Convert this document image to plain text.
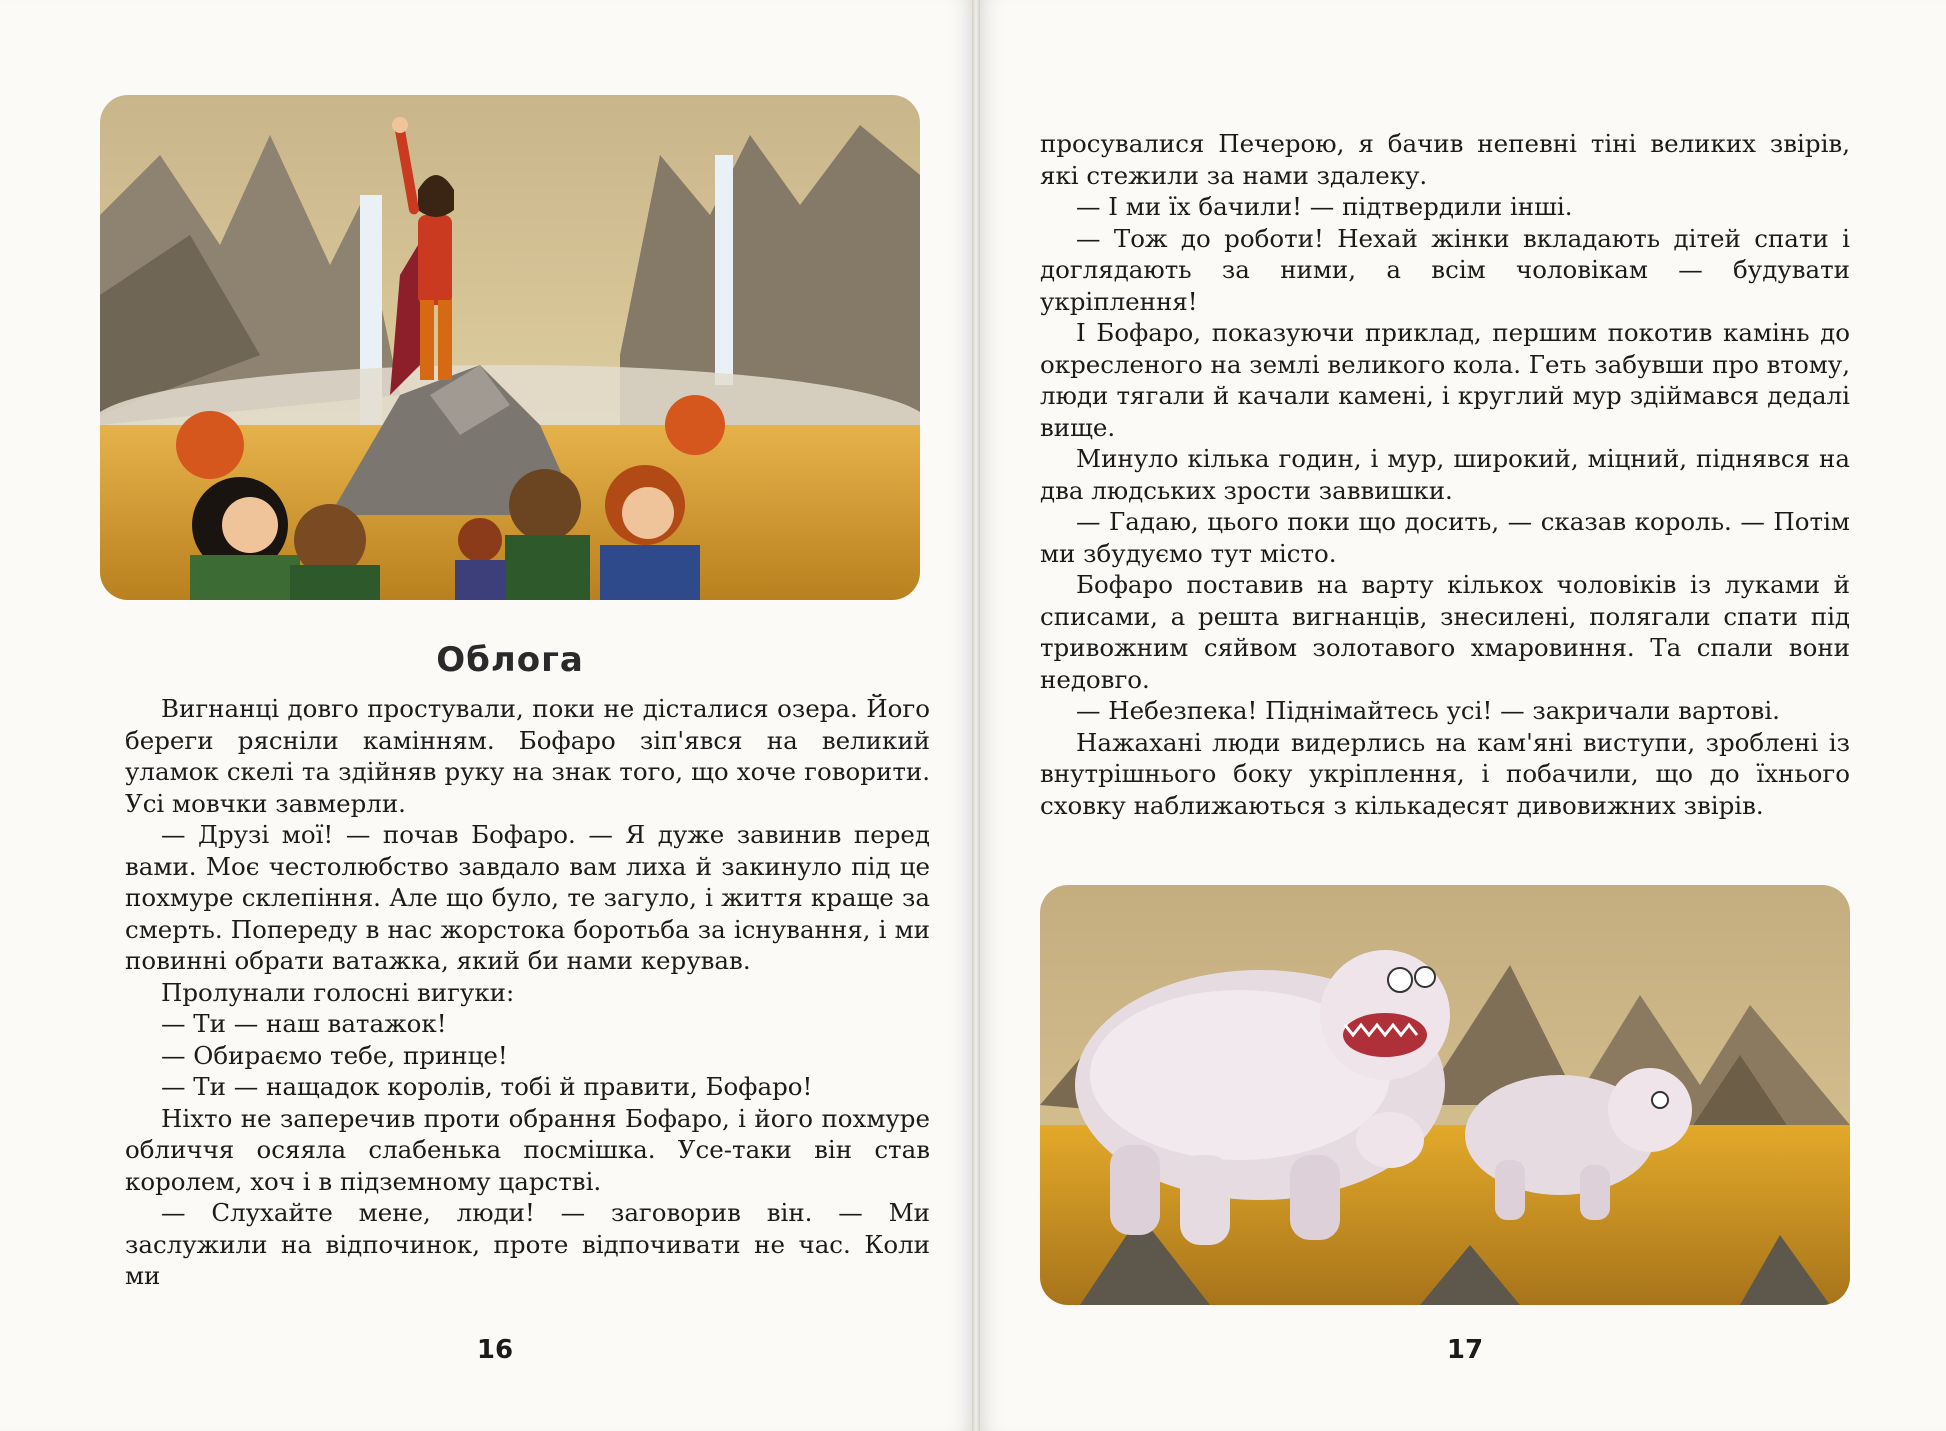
Облога

Вигнанці довго простували, поки не дісталися озера. Його береги рясніли камінням. Бофаро зіп'явся на великий уламок скелі та здійняв руку на знак того, що хоче говорити. Усі мовчки завмерли.

— Друзі мої! — почав Бофаро. — Я дуже завинив перед вами. Моє честолюбство завдало вам лиха й закинуло під це похмуре склепіння. Але що було, те загуло, і життя краще за смерть. Попереду в нас жорстока боротьба за існування, і ми повинні обрати ватажка, який би нами керував.

Пролунали голосні вигуки:

— Ти — наш ватажок!

— Обираємо тебе, принце!

— Ти — нащадок королів, тобі й правити, Бофаро!

Ніхто не заперечив проти обрання Бофаро, і його похмуре обличчя осяяла слабенька посмішка. Усе-таки він став королем, хоч і в підземному царстві.

— Слухайте мене, люди! — заговорив він. — Ми заслужили на відпочинок, проте відпочивати не час. Коли ми

16

просувалися Печерою, я бачив непевні тіні великих звірів, які стежили за нами здалеку.

— І ми їх бачили! — підтвердили інші.

— Тож до роботи! Нехай жінки вкладають дітей спати і доглядають за ними, а всім чоловікам — будувати укріплення!

І Бофаро, показуючи приклад, першим покотив камінь до окресленого на землі великого кола. Геть забувши про втому, люди тягали й качали камені, і круглий мур здіймався дедалі вище.

Минуло кілька годин, і мур, широкий, міцний, піднявся на два людських зрости заввишки.

— Гадаю, цього поки що досить, — сказав король. — Потім ми збудуємо тут місто.

Бофаро поставив на варту кількох чоловіків із луками й списами, а решта вигнанців, знесилені, полягали спати під тривожним сяйвом золотавого хмаровиння. Та спали вони недовго.

— Небезпека! Піднімайтесь усі! — закричали вартові.

Нажахані люди видерлись на кам'яні виступи, зроблені із внутрішнього боку укріплення, і побачили, що до їхнього сховку наближаються з кількадесят дивовижних звірів.

17
